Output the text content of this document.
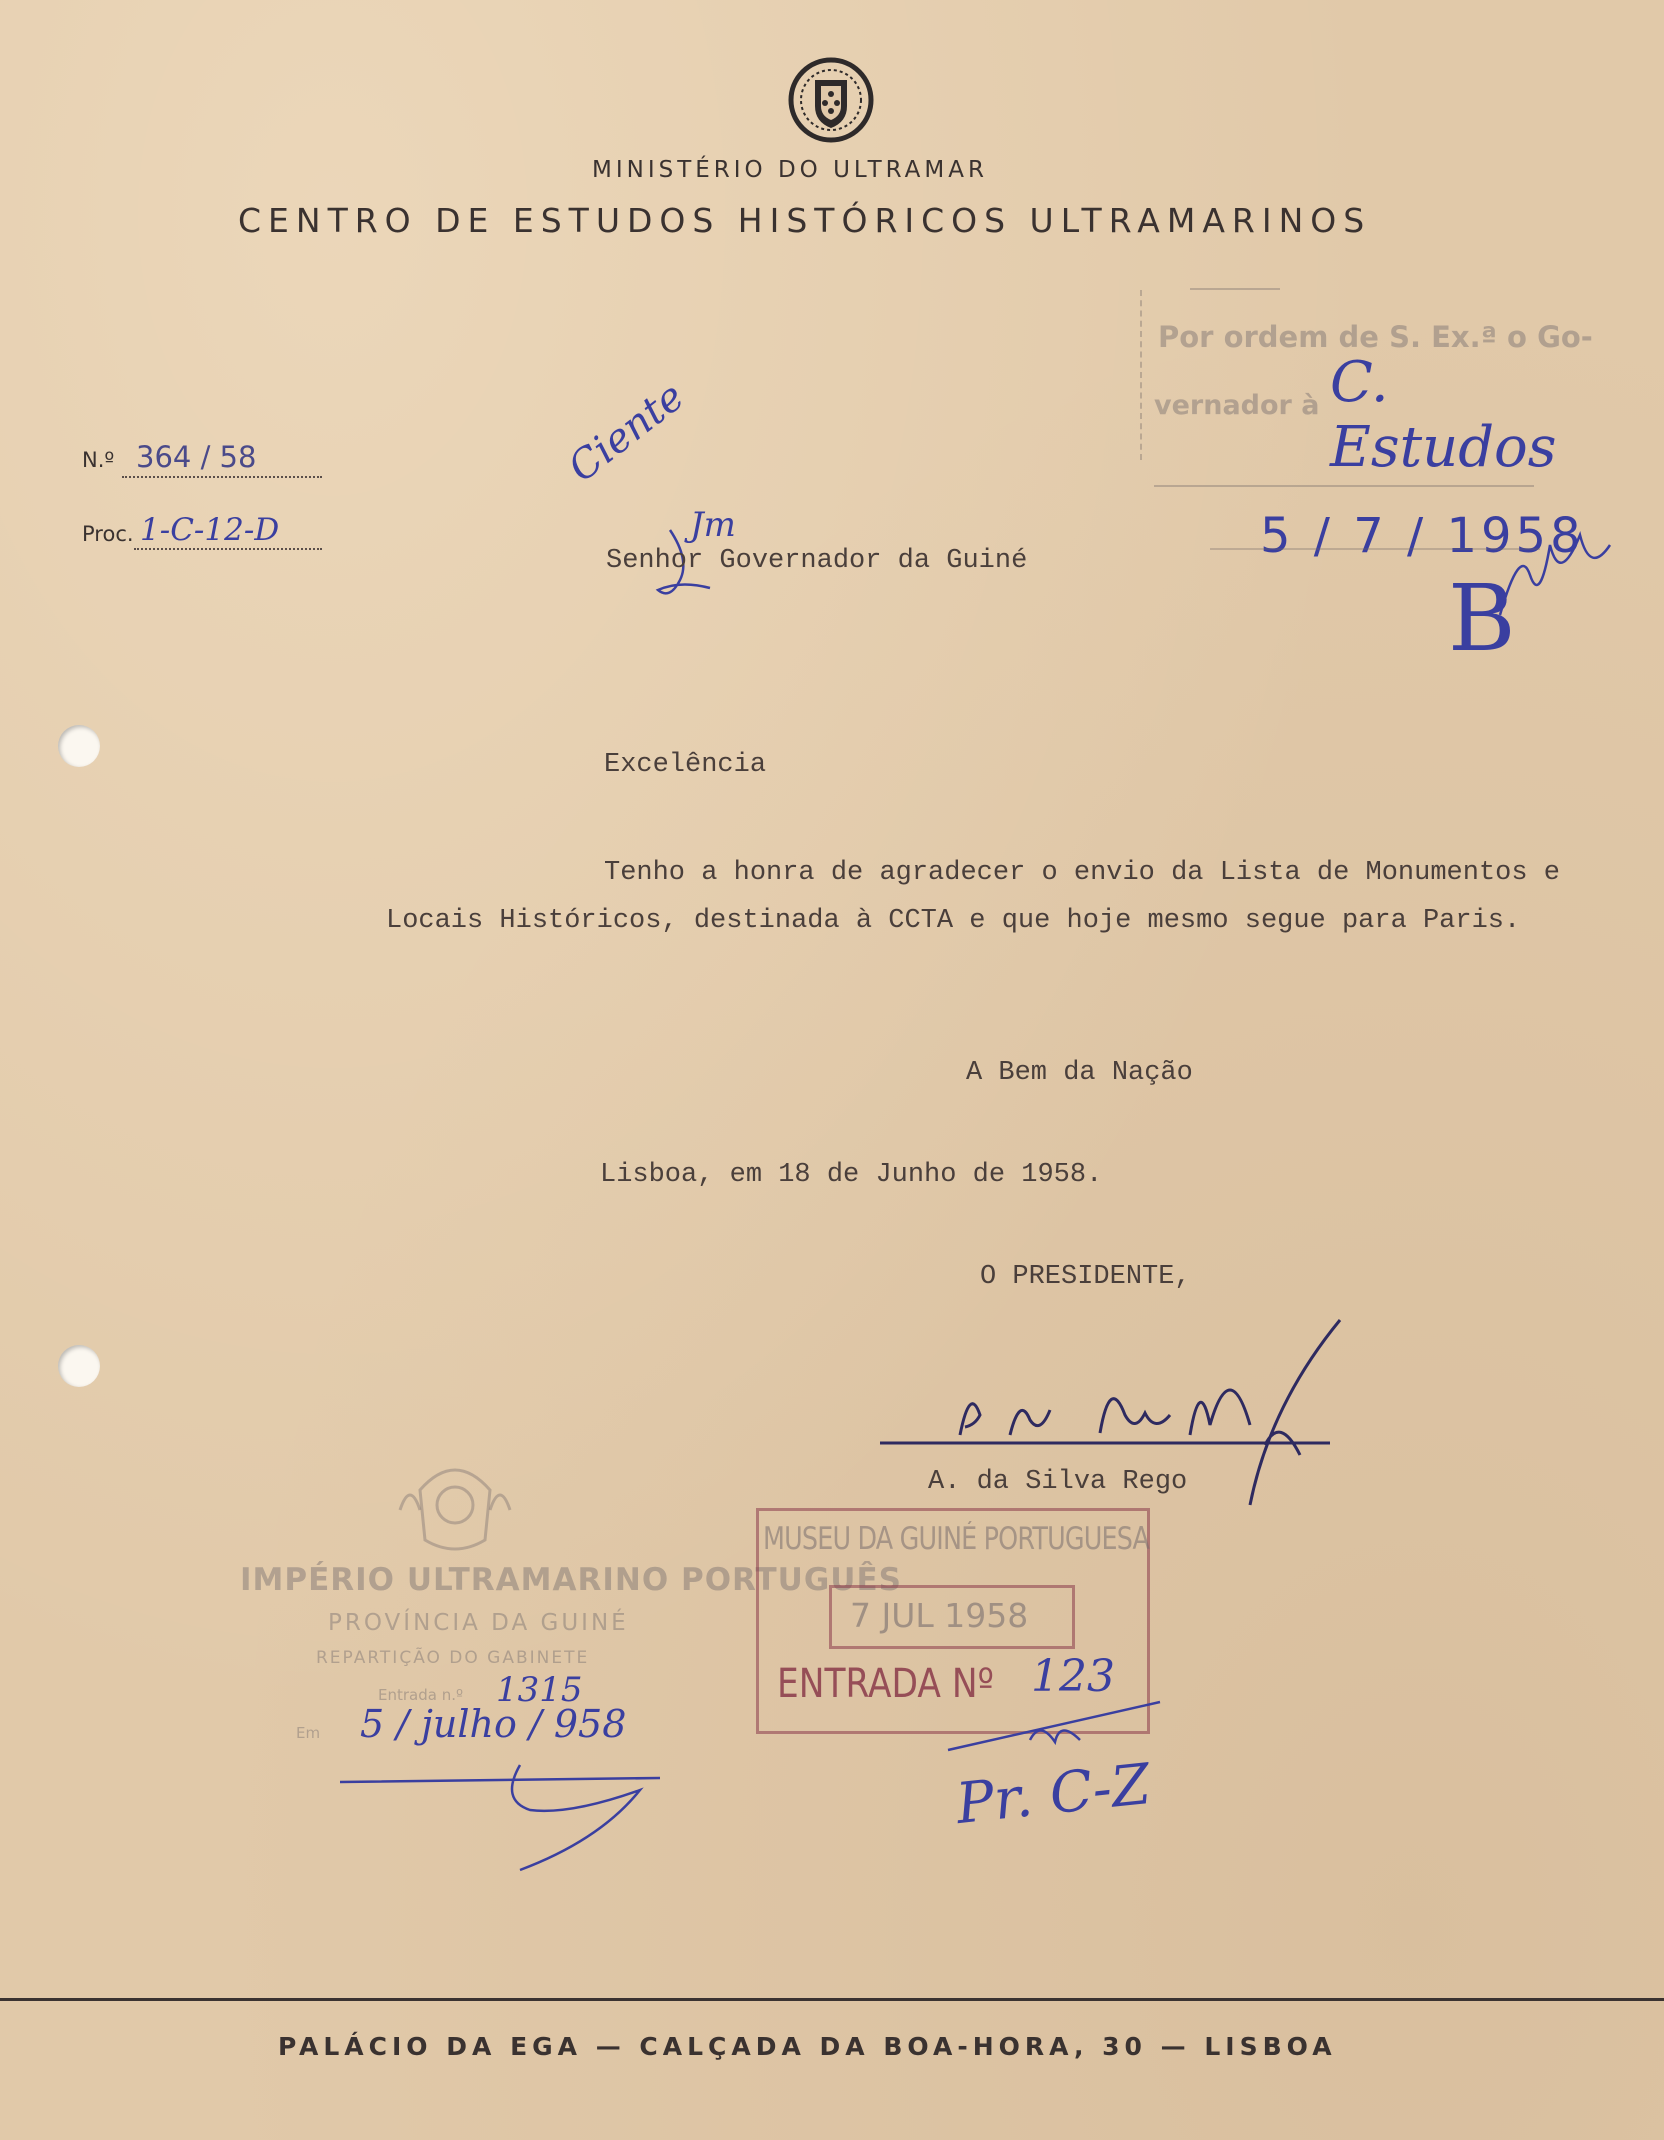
MINISTÉRIO DO ULTRAMAR
CENTRO DE ESTUDOS HISTÓRICOS ULTRAMARINOS
N.º 364 / 58
Proc. 1-C-12-D
Ciente
Jm
Senhor Governador da Guiné
Por ordem de S. Ex.ª o Go-
vernador à C. Estudos
5 / 7 / 1958
B
Excelência
Tenho a honra de agradecer o envio da Lista de Monumentos e
Locais Históricos, destinada à CCTA e que hoje mesmo segue para Paris.
A Bem da Nação
Lisboa, em 18 de Junho de 1958.
O PRESIDENTE,
A. da Silva Rego
IMPÉRIO ULTRAMARINO PORTUGUÊS
PROVÍNCIA DA GUINÉ
REPARTIÇÃO DO GABINETE
Entrada n.º 1315
Em 5 / julho / 958
MUSEU DA GUINÉ PORTUGUESA
7 JUL 1958
ENTRADA Nº 123
Pr. C-Z
PALÁCIO DA EGA — CALÇADA DA BOA-HORA, 30 — LISBOA
